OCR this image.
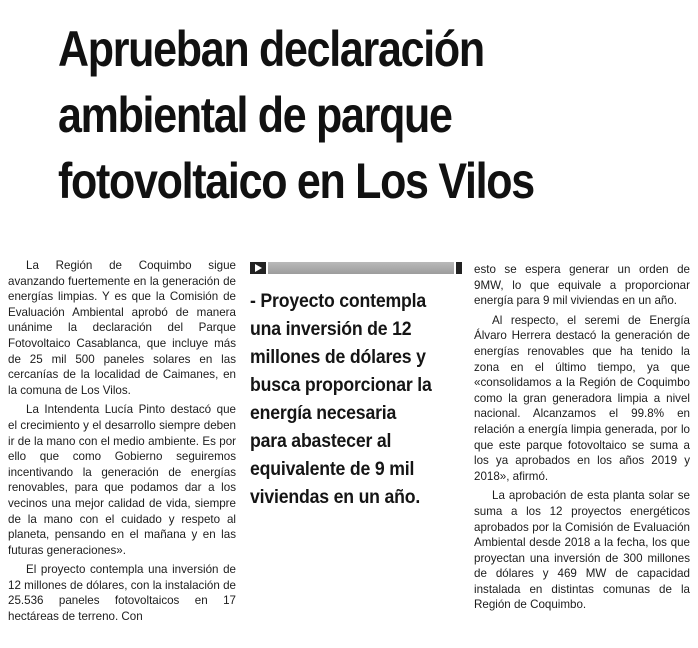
Aprueban declaración
ambiental de parque
fotovoltaico en Los Vilos

La Región de Coquimbo sigue avanzando fuertemente en la generación de energías limpias. Y es que la Comisión de Evaluación Ambiental aprobó de manera unánime la declaración del Parque Fotovoltaico Casablanca, que incluye más de 25 mil 500 paneles solares en las cercanías de la localidad de Caimanes, en la comuna de Los Vilos.

La Intendenta Lucía Pinto destacó que el crecimiento y el desarrollo siempre deben ir de la mano con el medio ambiente. Es por ello que como Gobierno seguiremos incentivando la generación de energías renovables, para que podamos dar a los vecinos una mejor calidad de vida, siempre de la mano con el cuidado y respeto al planeta, pensando en el mañana y en las futuras generaciones».

El proyecto contempla una inversión de 12 millones de dólares, con la instalación de 25.536 paneles fotovoltaicos en 17 hectáreas de terreno. Con

- Proyecto contempla
una inversión de 12
millones de dólares y
busca proporcionar la
energía necesaria
para abastecer al
equivalente de 9 mil
viviendas en un año.

esto se espera generar un orden de 9MW, lo que equivale a proporcionar energía para 9 mil viviendas en un año.

Al respecto, el seremi de Energía Álvaro Herrera destacó la generación de energías renovables que ha tenido la zona en el último tiempo, ya que «consolidamos a la Región de Coquimbo como la gran generadora limpia a nivel nacional. Alcanzamos el 99.8% en relación a energía limpia generada, por lo que este parque fotovoltaico se suma a los ya aprobados en los años 2019 y 2018», afirmó.

La aprobación de esta planta solar se suma a los 12 proyectos energéticos aprobados por la Comisión de Evaluación Ambiental desde 2018 a la fecha, los que proyectan una inversión de 300 millones de dólares y 469 MW de capacidad instalada en distintas comunas de la Región de Coquimbo.
